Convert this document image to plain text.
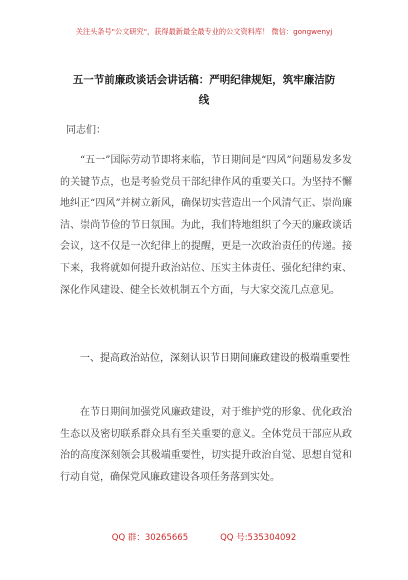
关注头条号"公文研究"，获得最新最全最专业的公文资料库！ 微信：gongwenyj
五一节前廉政谈话会讲话稿：严明纪律规矩，筑牢廉洁防线
同志们：
“五一”国际劳动节即将来临，节日期间是“四风”问题易发多发的关键节点，也是考验党员干部纪律作风的重要关口。为坚持不懈地纠正“四风”并树立新风，确保切实营造出一个风清气正、崇尚廉洁、崇尚节俭的节日氛围。为此，我们特地组织了今天的廉政谈话会议，这不仅是一次纪律上的提醒，更是一次政治责任的传递。接下来，我将就如何提升政治站位、压实主体责任、强化纪律约束、深化作风建设、健全长效机制五个方面，与大家交流几点意见。
一、提高政治站位，深刻认识节日期间廉政建设的极端重要性
在节日期间加强党风廉政建设，对于维护党的形象、优化政治生态以及密切联系群众具有至关重要的意义。全体党员干部应从政治的高度深刻领会其极端重要性，切实提升政治自觉、思想自觉和行动自觉，确保党风廉政建设各项任务落到实处。
QQ 群：30265665	QQ 号:535304092
